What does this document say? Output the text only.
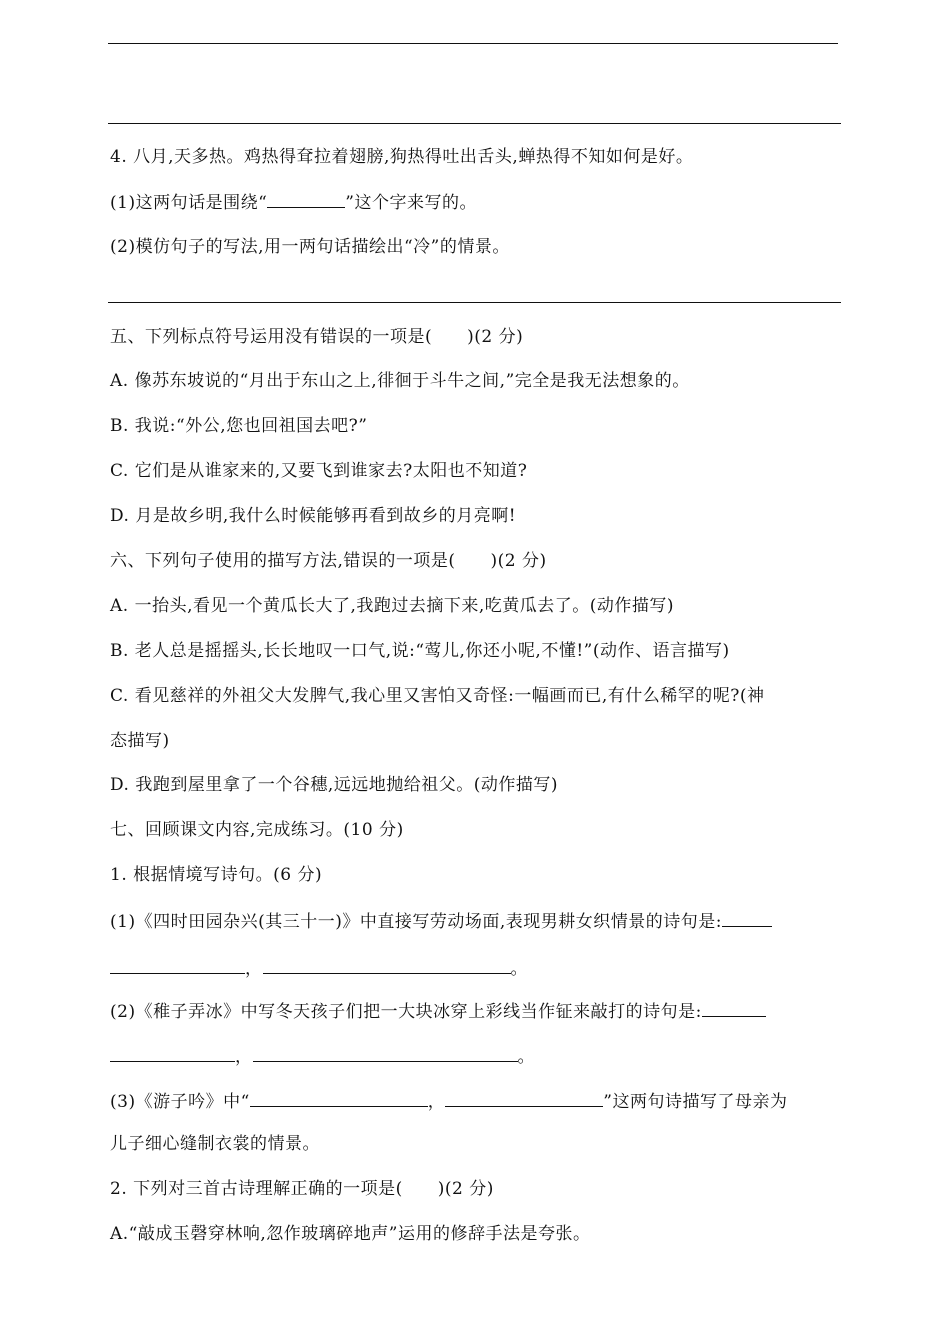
4. 八月,天多热。鸡热得耷拉着翅膀,狗热得吐出舌头,蝉热得不知如何是好。
(1)这两句话是围绕“	”这个字来写的。
(2)模仿句子的写法,用一两句话描绘出“冷”的情景。
五、下列标点符号运用没有错误的一项是(　　)(2 分)
A. 像苏东坡说的“月出于东山之上,徘徊于斗牛之间,”完全是我无法想象的。
B. 我说:“外公,您也回祖国去吧?”
C. 它们是从谁家来的,又要飞到谁家去?太阳也不知道?
D. 月是故乡明,我什么时候能够再看到故乡的月亮啊!
六、下列句子使用的描写方法,错误的一项是(　　)(2 分)
A. 一抬头,看见一个黄瓜长大了,我跑过去摘下来,吃黄瓜去了。(动作描写)
B. 老人总是摇摇头,长长地叹一口气,说:“莺儿,你还小呢,不懂!”(动作、语言描写)
C. 看见慈祥的外祖父大发脾气,我心里又害怕又奇怪:一幅画而已,有什么稀罕的呢?(神
态描写)
D. 我跑到屋里拿了一个谷穗,远远地抛给祖父。(动作描写)
七、回顾课文内容,完成练习。(10 分)
1. 根据情境写诗句。(6 分)
(1)《四时田园杂兴(其三十一)》中直接写劳动场面,表现男耕女织情景的诗句是:
，	。
(2)《稚子弄冰》中写冬天孩子们把一大块冰穿上彩线当作钲来敲打的诗句是:
，	。
(3)《游子吟》中“	，	”这两句诗描写了母亲为
儿子细心缝制衣裳的情景。
2. 下列对三首古诗理解正确的一项是(　　)(2 分)
A.“敲成玉磬穿林响,忽作玻璃碎地声”运用的修辞手法是夸张。
